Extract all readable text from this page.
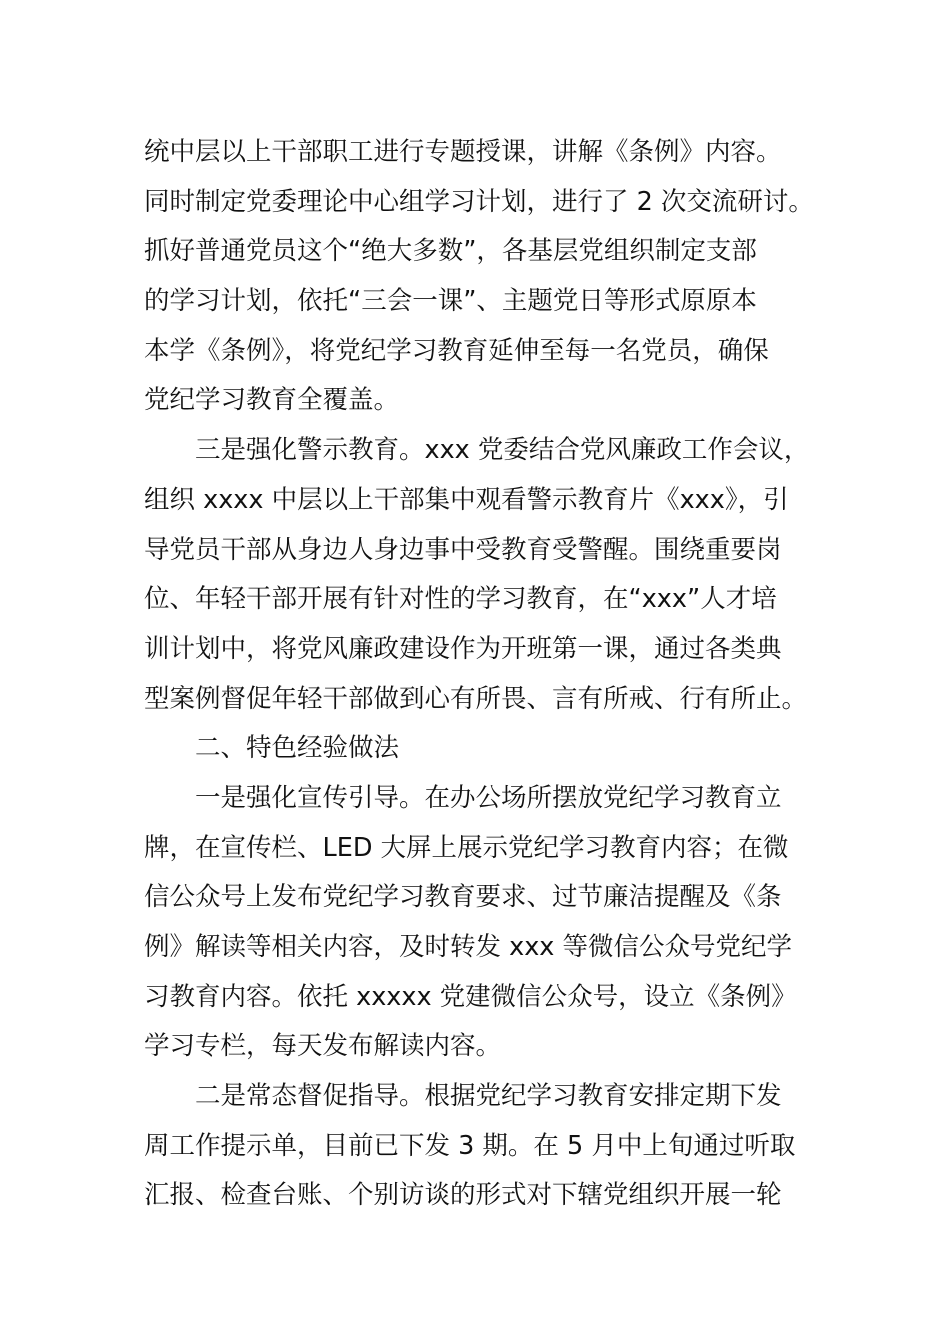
统中层以上干部职工进行专题授课，讲解《条例》内容。
同时制定党委理论中心组学习计划，进行了 2 次交流研讨。
抓好普通党员这个“绝大多数”，各基层党组织制定支部
的学习计划，依托“三会一课”、主题党日等形式原原本
本学《条例》，将党纪学习教育延伸至每一名党员，确保
党纪学习教育全覆盖。
三是强化警示教育。xxx 党委结合党风廉政工作会议，
组织 xxxx 中层以上干部集中观看警示教育片《xxx》，引
导党员干部从身边人身边事中受教育受警醒。围绕重要岗
位、年轻干部开展有针对性的学习教育，在“xxx”人才培
训计划中，将党风廉政建设作为开班第一课，通过各类典
型案例督促年轻干部做到心有所畏、言有所戒、行有所止。
二、特色经验做法
一是强化宣传引导。在办公场所摆放党纪学习教育立
牌，在宣传栏、LED 大屏上展示党纪学习教育内容；在微
信公众号上发布党纪学习教育要求、过节廉洁提醒及《条
例》解读等相关内容，及时转发 xxx 等微信公众号党纪学
习教育内容。依托 xxxxx 党建微信公众号，设立《条例》
学习专栏，每天发布解读内容。
二是常态督促指导。根据党纪学习教育安排定期下发
周工作提示单，目前已下发 3 期。在 5 月中上旬通过听取
汇报、检查台账、个别访谈的形式对下辖党组织开展一轮
